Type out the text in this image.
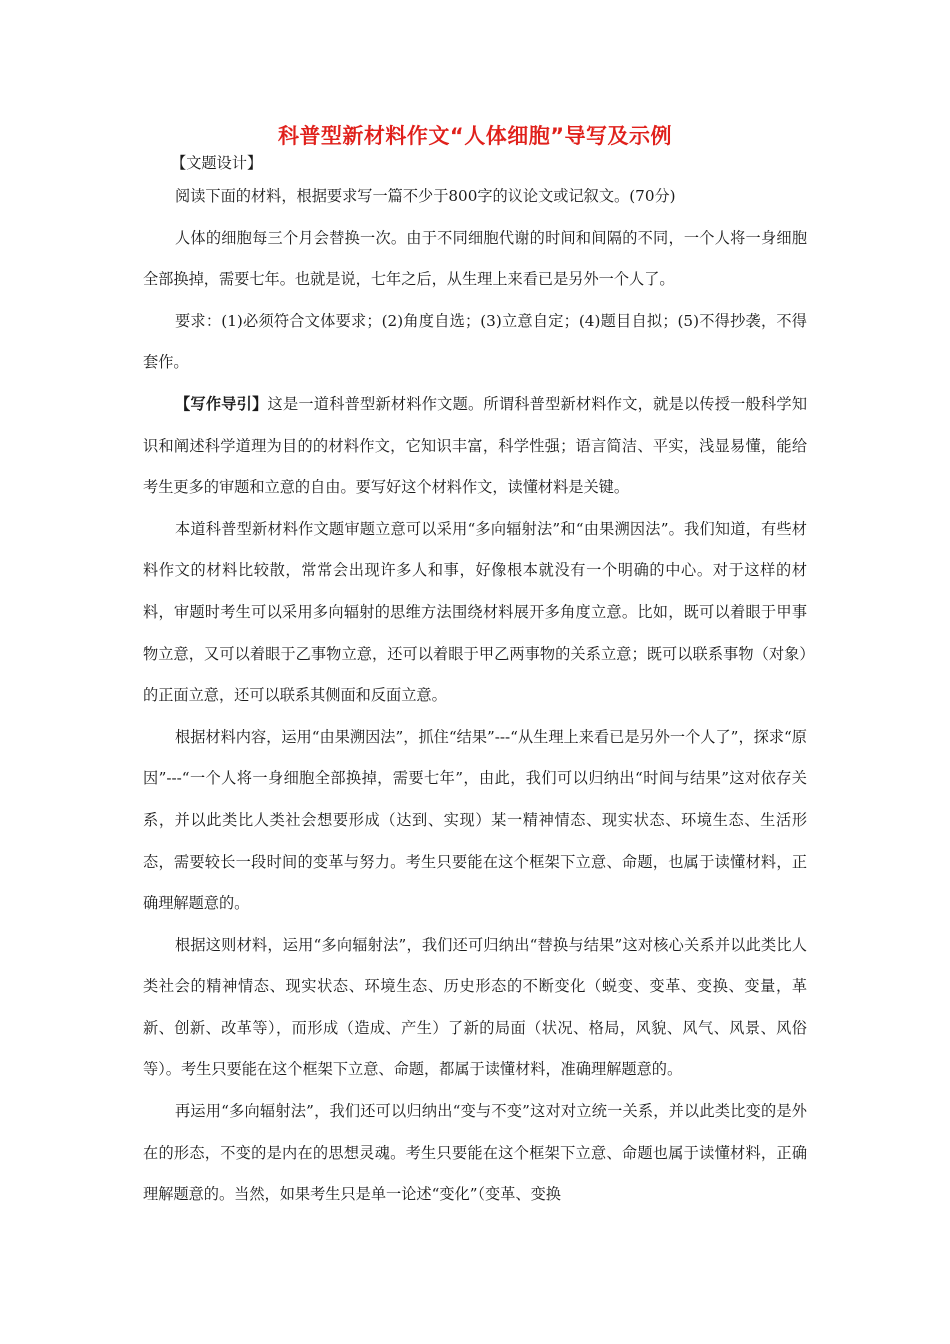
科普型新材料作文“人体细胞”导写及示例

【文题设计】

阅读下面的材料，根据要求写一篇不少于800字的议论文或记叙文。(70分)

人体的细胞每三个月会替换一次。由于不同细胞代谢的时间和间隔的不同，一个人将一身细胞全部换掉，需要七年。也就是说，七年之后，从生理上来看已是另外一个人了。

要求：(1)必须符合文体要求；(2)角度自选；(3)立意自定；(4)题目自拟；(5)不得抄袭，不得套作。

【写作导引】这是一道科普型新材料作文题。所谓科普型新材料作文，就是以传授一般科学知识和阐述科学道理为目的的材料作文，它知识丰富，科学性强；语言简洁、平实，浅显易懂，能给考生更多的审题和立意的自由。要写好这个材料作文，读懂材料是关键。

本道科普型新材料作文题审题立意可以采用“多向辐射法”和“由果溯因法”。我们知道，有些材料作文的材料比较散，常常会出现许多人和事，好像根本就没有一个明确的中心。对于这样的材料，审题时考生可以采用多向辐射的思维方法围绕材料展开多角度立意。比如，既可以着眼于甲事物立意，又可以着眼于乙事物立意，还可以着眼于甲乙两事物的关系立意；既可以联系事物（对象）的正面立意，还可以联系其侧面和反面立意。

根据材料内容，运用“由果溯因法”，抓住“结果”---“从生理上来看已是另外一个人了”，探求“原因”---“一个人将一身细胞全部换掉，需要七年”，由此，我们可以归纳出“时间与结果”这对依存关系，并以此类比人类社会想要形成（达到、实现）某一精神情态、现实状态、环境生态、生活形态，需要较长一段时间的变革与努力。考生只要能在这个框架下立意、命题，也属于读懂材料，正确理解题意的。

根据这则材料，运用“多向辐射法”，我们还可归纳出“替换与结果”这对核心关系并以此类比人类社会的精神情态、现实状态、环境生态、历史形态的不断变化（蜕变、变革、变换、变量，革新、创新、改革等），而形成（造成、产生）了新的局面（状况、格局，风貌、风气、风景、风俗等）。考生只要能在这个框架下立意、命题，都属于读懂材料，准确理解题意的。

再运用“多向辐射法”，我们还可以归纳出“变与不变”这对对立统一关系，并以此类比变的是外在的形态，不变的是内在的思想灵魂。考生只要能在这个框架下立意、命题也属于读懂材料，正确理解题意的。当然，如果考生只是单一论述“变化”（变革、变换
